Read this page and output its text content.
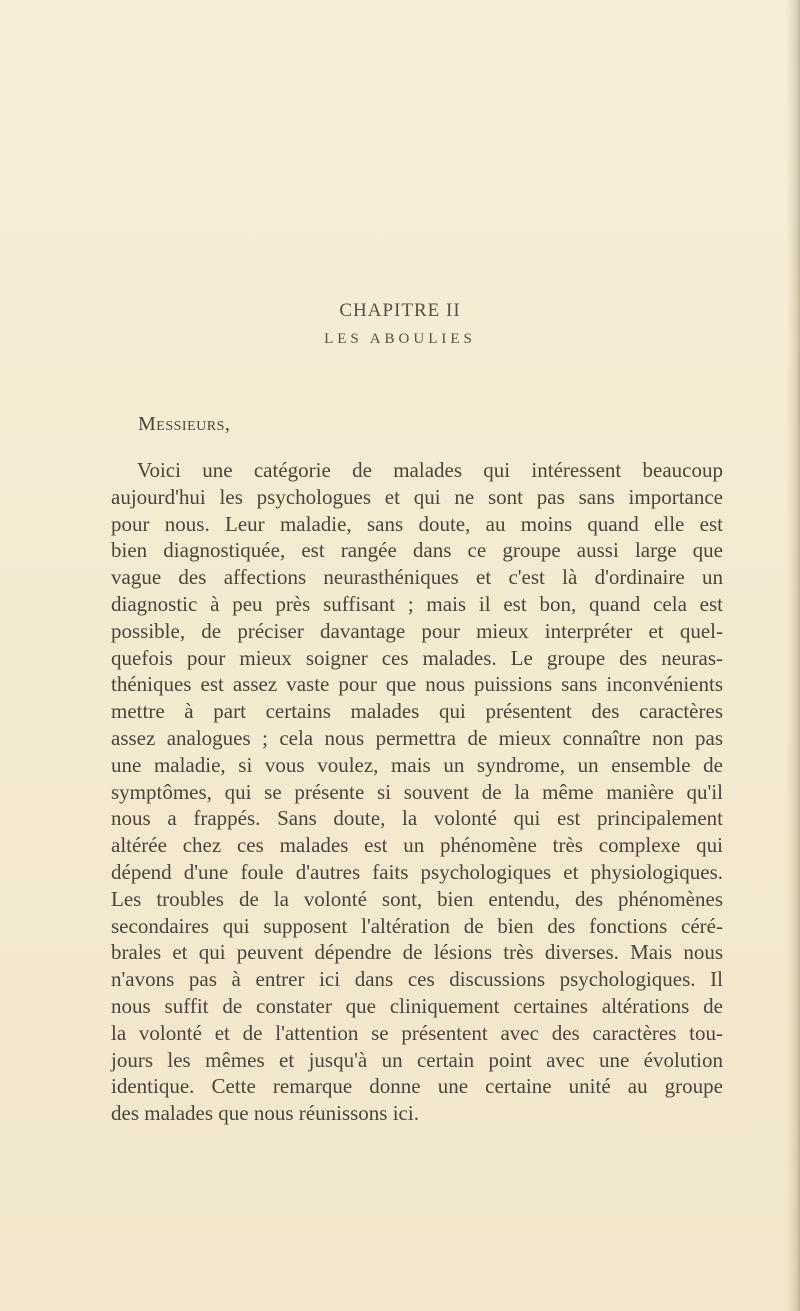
CHAPITRE II
LES ABOULIES
Messieurs,
Voici une catégorie de malades qui intéressent beaucoup
aujourd'hui les psychologues et qui ne sont pas sans importance
pour nous. Leur maladie, sans doute, au moins quand elle est
bien diagnostiquée, est rangée dans ce groupe aussi large que
vague des affections neurasthéniques et c'est là d'ordinaire un
diagnostic à peu près suffisant ; mais il est bon, quand cela est
possible, de préciser davantage pour mieux interpréter et quel-
quefois pour mieux soigner ces malades. Le groupe des neuras-
théniques est assez vaste pour que nous puissions sans inconvénients
mettre à part certains malades qui présentent des caractères
assez analogues ; cela nous permettra de mieux connaître non pas
une maladie, si vous voulez, mais un syndrome, un ensemble de
symptômes, qui se présente si souvent de la même manière qu'il
nous a frappés. Sans doute, la volonté qui est principalement
altérée chez ces malades est un phénomène très complexe qui
dépend d'une foule d'autres faits psychologiques et physiologiques.
Les troubles de la volonté sont, bien entendu, des phénomènes
secondaires qui supposent l'altération de bien des fonctions céré-
brales et qui peuvent dépendre de lésions très diverses. Mais nous
n'avons pas à entrer ici dans ces discussions psychologiques. Il
nous suffit de constater que cliniquement certaines altérations de
la volonté et de l'attention se présentent avec des caractères tou-
jours les mêmes et jusqu'à un certain point avec une évolution
identique. Cette remarque donne une certaine unité au groupe
des malades que nous réunissons ici.
